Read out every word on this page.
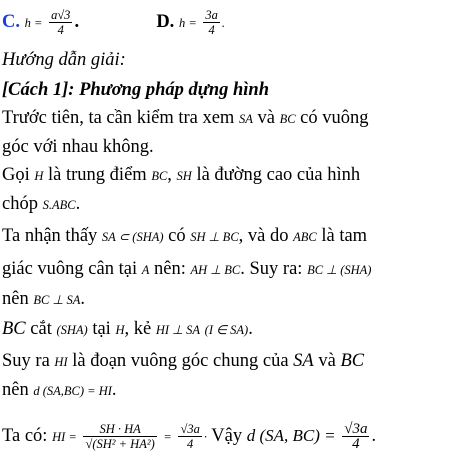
C. $h = \frac{a√3}{4}$ .	D. $h = \frac{3a}{4}$ .
Hướng dẫn giải:
[Cách 1]: Phương pháp dựng hình
Trước tiên, ta cần kiểm tra xem SA và BC có vuông
góc với nhau không.
Gọi H là trung điểm BC, SH là đường cao của hình
chóp S.ABC.
Ta nhận thấy SA ⊂ (SHA) có SH ⊥ BC, và do ABC là tam
giác vuông cân tại A nên: AH ⊥ BC. Suy ra: BC ⊥ (SHA)
nên BC ⊥ SA.
BC cắt (SHA) tại H, kẻ HI ⊥ SA (I ∈ SA).
Suy ra HI là đoạn vuông góc chung của SA và BC
nên d (SA,BC) = HI.
Ta có: HI = $\frac{SH \cdot HA}{\text{√(SH² + HA²)}} = \frac{√3a}{4}$ · Vậy d (SA, $BC) = \frac{√3a}{4}$ .
